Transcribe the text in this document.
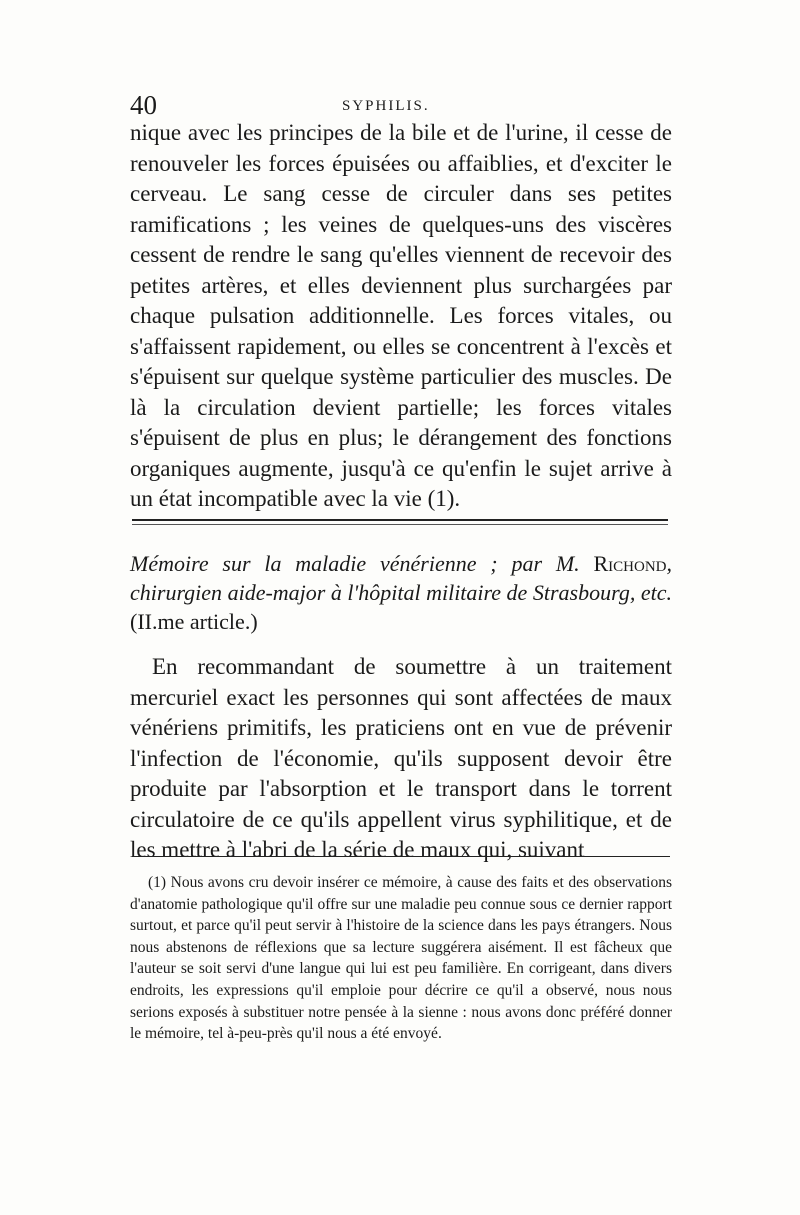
40	SYPHILIS.

nique avec les principes de la bile et de l'urine, il cesse de renouveler les forces épuisées ou affaiblies, et d'exciter le cerveau. Le sang cesse de circuler dans ses petites ramifications ; les veines de quelques-uns des viscères cessent de rendre le sang qu'elles viennent de recevoir des petites artères, et elles deviennent plus surchargées par chaque pulsation additionnelle. Les forces vitales, ou s'affaissent rapidement, ou elles se concentrent à l'excès et s'épuisent sur quelque système particulier des muscles. De là la circulation devient partielle; les forces vitales s'épuisent de plus en plus; le dérangement des fonctions organiques augmente, jusqu'à ce qu'enfin le sujet arrive à un état incompatible avec la vie (1).

Mémoire sur la maladie vénérienne ; par M. Richond, chirurgien aide-major à l'hôpital militaire de Strasbourg, etc. (II.me article.)

En recommandant de soumettre à un traitement mercuriel exact les personnes qui sont affectées de maux vénériens primitifs, les praticiens ont en vue de prévenir l'infection de l'économie, qu'ils supposent devoir être produite par l'absorption et le transport dans le torrent circulatoire de ce qu'ils appellent virus syphilitique, et de les mettre à l'abri de la série de maux qui, suivant

(1) Nous avons cru devoir insérer ce mémoire, à cause des faits et des observations d'anatomie pathologique qu'il offre sur une maladie peu connue sous ce dernier rapport surtout, et parce qu'il peut servir à l'histoire de la science dans les pays étrangers. Nous nous abstenons de réflexions que sa lecture suggérera aisément. Il est fâcheux que l'auteur se soit servi d'une langue qui lui est peu familière. En corrigeant, dans divers endroits, les expressions qu'il emploie pour décrire ce qu'il a observé, nous nous serions exposés à substituer notre pensée à la sienne : nous avons donc préféré donner le mémoire, tel à-peu-près qu'il nous a été envoyé.
